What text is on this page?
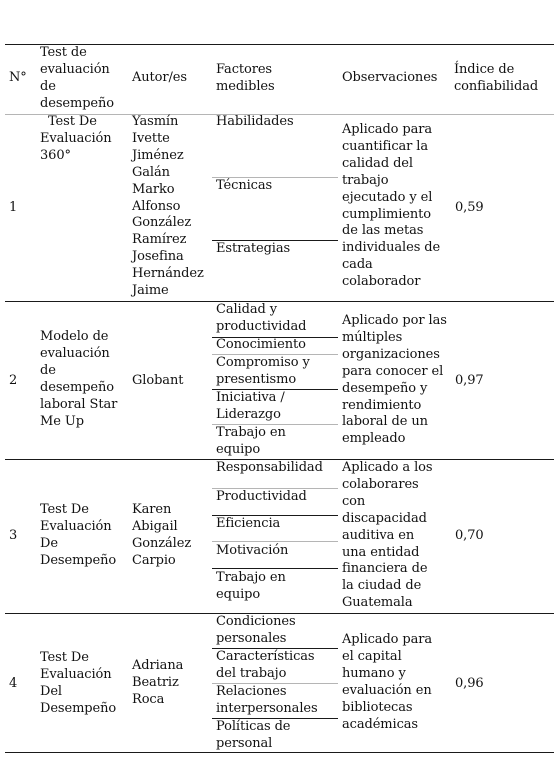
N°
Test de evaluación de desempeño
Autor/es
Factores medibles
Observaciones
Índice de confiabilidad
1
Test De Evaluación 360°
Yasmín Ivette Jiménez Galán Marko Alfonso González Ramírez Josefina Hernández Jaime
Habilidades
Técnicas
Estrategias
Aplicado para cuantificar la calidad del trabajo ejecutado y el cumplimiento de las metas individuales de cada colaborador
0,59
2
Modelo de evaluación de desempeño laboral Star Me Up
Globant
Calidad y productividad
Conocimiento
Compromiso y presentismo
Iniciativa / Liderazgo
Trabajo en equipo
Aplicado por las múltiples organizaciones para conocer el desempeño y rendimiento laboral de un empleado
0,97
3
Test De Evaluación De Desempeño
Karen Abigail González Carpio
Responsabilidad
Productividad
Eficiencia
Motivación
Trabajo en equipo
Aplicado a los colaborares con discapacidad auditiva en una entidad financiera de la ciudad de Guatemala
0,70
4
Test De Evaluación Del Desempeño
Adriana Beatriz Roca
Condiciones personales
Características del trabajo
Relaciones interpersonales
Políticas de personal
Aplicado para el capital humano y evaluación en bibliotecas académicas
0,96
